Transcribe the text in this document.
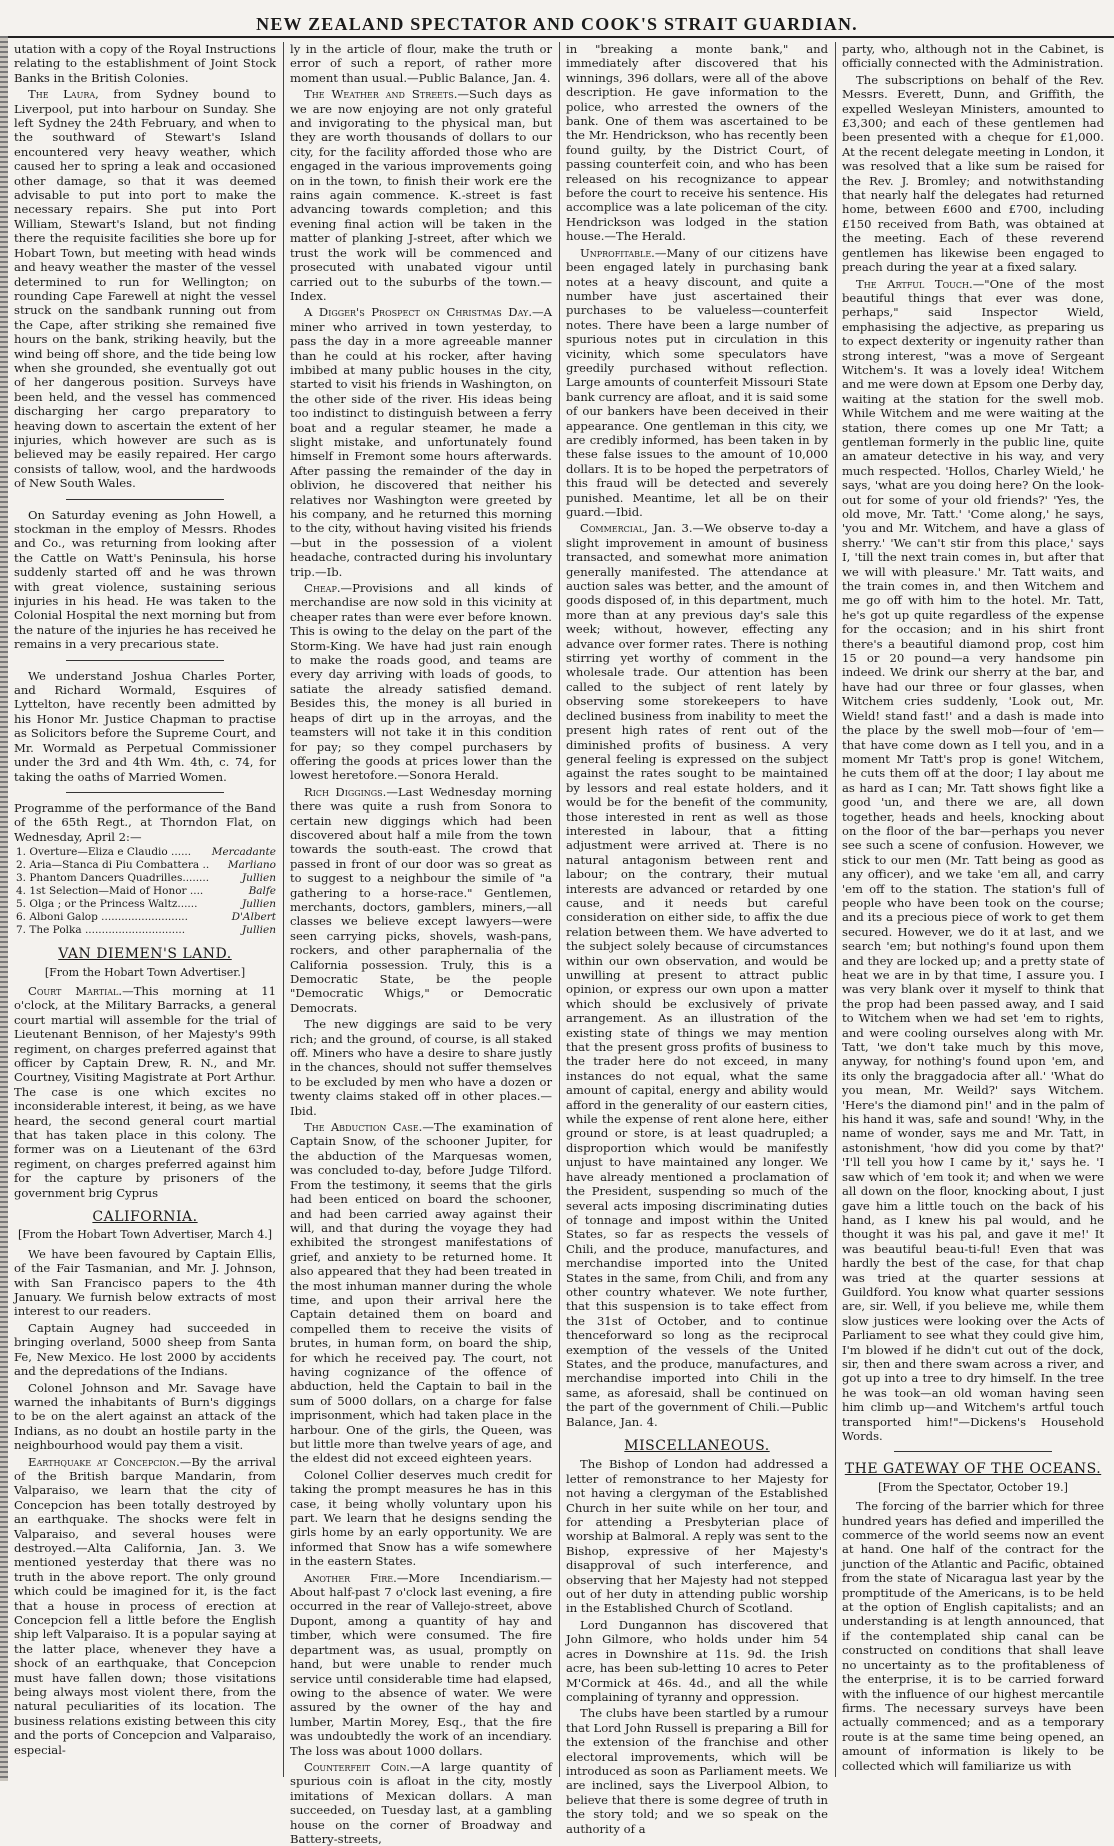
NEW ZEALAND SPECTATOR AND COOK'S STRAIT GUARDIAN.

utation with a copy of the Royal Instructions relating to the establishment of Joint Stock Banks in the British Colonies.

The Laura, from Sydney bound to Liverpool, put into harbour on Sunday. She left Sydney the 24th February, and when to the southward of Stewart's Island encountered very heavy weather, which caused her to spring a leak and occasioned other damage, so that it was deemed advisable to put into port to make the necessary repairs. She put into Port William, Stewart's Island, but not finding there the requisite facilities she bore up for Hobart Town, but meeting with head winds and heavy weather the master of the vessel determined to run for Wellington; on rounding Cape Farewell at night the vessel struck on the sandbank running out from the Cape, after striking she remained five hours on the bank, striking heavily, but the wind being off shore, and the tide being low when she grounded, she eventually got out of her dangerous position. Surveys have been held, and the vessel has commenced discharging her cargo preparatory to heaving down to ascertain the extent of her injuries, which however are such as is believed may be easily repaired. Her cargo consists of tallow, wool, and the hardwoods of New South Wales.

On Saturday evening as John Howell, a stockman in the employ of Messrs. Rhodes and Co., was returning from looking after the Cattle on Watt's Peninsula, his horse suddenly started off and he was thrown with great violence, sustaining serious injuries in his head. He was taken to the Colonial Hospital the next morning but from the nature of the injuries he has received he remains in a very precarious state.

We understand Joshua Charles Porter, and Richard Wormald, Esquires of Lyttelton, have recently been admitted by his Honor Mr. Justice Chapman to practise as Solicitors before the Supreme Court, and Mr. Wormald as Perpetual Commissioner under the 3rd and 4th Wm. 4th, c. 74, for taking the oaths of Married Women.

Programme of the performance of the Band of the 65th Regt., at Thorndon Flat, on Wednesday, April 2:—

1. Overture—Eliza e Claudio ...... Mercadante
2. Aria—Stanca di Piu Combattera .. Marliano
3. Phantom Dancers Quadrilles........	Jullien
4. 1st Selection—Maid of Honor ....	Balfe
5. Olga ; or the Princess Waltz......	Jullien
6. Alboni Galop ..........................	D'Albert
7. The Polka ..............................	Jullien
VAN DIEMEN'S LAND.
[From the Hobart Town Advertiser.]

Court Martial.—This morning at 11 o'clock, at the Military Barracks, a general court martial will assemble for the trial of Lieutenant Bennison, of her Majesty's 99th regiment, on charges preferred against that officer by Captain Drew, R. N., and Mr. Courtney, Visiting Magistrate at Port Arthur. The case is one which excites no inconsiderable interest, it being, as we have heard, the second general court martial that has taken place in this colony. The former was on a Lieutenant of the 63rd regiment, on charges preferred against him for the capture by prisoners of the government brig Cyprus

CALIFORNIA.
[From the Hobart Town Advertiser, March 4.]

We have been favoured by Captain Ellis, of the Fair Tasmanian, and Mr. J. Johnson, with San Francisco papers to the 4th January. We furnish below extracts of most interest to our readers.

Captain Augney had succeeded in bringing overland, 5000 sheep from Santa Fe, New Mexico. He lost 2000 by accidents and the depredations of the Indians.

Colonel Johnson and Mr. Savage have warned the inhabitants of Burn's diggings to be on the alert against an attack of the Indians, as no doubt an hostile party in the neighbourhood would pay them a visit.

Earthquake at Concepcion.—By the arrival of the British barque Mandarin, from Valparaiso, we learn that the city of Concepcion has been totally destroyed by an earthquake. The shocks were felt in Valparaiso, and several houses were destroyed.—Alta California, Jan. 3. We mentioned yesterday that there was no truth in the above report. The only ground which could be imagined for it, is the fact that a house in process of erection at Concepcion fell a little before the English ship left Valparaiso. It is a popular saying at the latter place, whenever they have a shock of an earthquake, that Concepcion must have fallen down; those visitations being always most violent there, from the natural peculiarities of its location. The business relations existing between this city and the ports of Concepcion and Valparaiso, especial-

ly in the article of flour, make the truth or error of such a report, of rather more moment than usual.—Public Balance, Jan. 4.

The Weather and Streets.—Such days as we are now enjoying are not only grateful and invigorating to the physical man, but they are worth thousands of dollars to our city, for the facility afforded those who are engaged in the various improvements going on in the town, to finish their work ere the rains again commence. K.-street is fast advancing towards completion; and this evening final action will be taken in the matter of planking J-street, after which we trust the work will be commenced and prosecuted with unabated vigour until carried out to the suburbs of the town.—Index.

A Digger's Prospect on Christmas Day.—A miner who arrived in town yesterday, to pass the day in a more agreeable manner than he could at his rocker, after having imbibed at many public houses in the city, started to visit his friends in Washington, on the other side of the river. His ideas being too indistinct to distinguish between a ferry boat and a regular steamer, he made a slight mistake, and unfortunately found himself in Fremont some hours afterwards. After passing the remainder of the day in oblivion, he discovered that neither his relatives nor Washington were greeted by his company, and he returned this morning to the city, without having visited his friends—but in the possession of a violent headache, contracted during his involuntary trip.—Ib.

Cheap.—Provisions and all kinds of merchandise are now sold in this vicinity at cheaper rates than were ever before known. This is owing to the delay on the part of the Storm-King. We have had just rain enough to make the roads good, and teams are every day arriving with loads of goods, to satiate the already satisfied demand. Besides this, the money is all buried in heaps of dirt up in the arroyas, and the teamsters will not take it in this condition for pay; so they compel purchasers by offering the goods at prices lower than the lowest heretofore.—Sonora Herald.

Rich Diggings.—Last Wednesday morning there was quite a rush from Sonora to certain new diggings which had been discovered about half a mile from the town towards the south-east. The crowd that passed in front of our door was so great as to suggest to a neighbour the simile of "a gathering to a horse-race." Gentlemen, merchants, doctors, gamblers, miners,—all classes we believe except lawyers—were seen carrying picks, shovels, wash-pans, rockers, and other paraphernalia of the California possession. Truly, this is a Democratic State, be the people "Democratic Whigs," or Democratic Democrats.

The new diggings are said to be very rich; and the ground, of course, is all staked off. Miners who have a desire to share justly in the chances, should not suffer themselves to be excluded by men who have a dozen or twenty claims staked off in other places.—Ibid.

The Abduction Case.—The examination of Captain Snow, of the schooner Jupiter, for the abduction of the Marquesas women, was concluded to-day, before Judge Tilford. From the testimony, it seems that the girls had been enticed on board the schooner, and had been carried away against their will, and that during the voyage they had exhibited the strongest manifestations of grief, and anxiety to be returned home. It also appeared that they had been treated in the most inhuman manner during the whole time, and upon their arrival here the Captain detained them on board and compelled them to receive the visits of brutes, in human form, on board the ship, for which he received pay. The court, not having cognizance of the offence of abduction, held the Captain to bail in the sum of 5000 dollars, on a charge for false imprisonment, which had taken place in the harbour. One of the girls, the Queen, was but little more than twelve years of age, and the eldest did not exceed eighteen years.

Colonel Collier deserves much credit for taking the prompt measures he has in this case, it being wholly voluntary upon his part. We learn that he designs sending the girls home by an early opportunity. We are informed that Snow has a wife somewhere in the eastern States.

Another Fire.—More Incendiarism.—About half-past 7 o'clock last evening, a fire occurred in the rear of Vallejo-street, above Dupont, among a quantity of hay and timber, which were consumed. The fire department was, as usual, promptly on hand, but were unable to render much service until considerable time had elapsed, owing to the absence of water. We were assured by the owner of the hay and lumber, Martin Morey, Esq., that the fire was undoubtedly the work of an incendiary. The loss was about 1000 dollars.

Counterfeit Coin.—A large quantity of spurious coin is afloat in the city, mostly imitations of Mexican dollars. A man succeeded, on Tuesday last, at a gambling house on the corner of Broadway and Battery-streets,

in "breaking a monte bank," and immediately after discovered that his winnings, 396 dollars, were all of the above description. He gave information to the police, who arrested the owners of the bank. One of them was ascertained to be the Mr. Hendrickson, who has recently been found guilty, by the District Court, of passing counterfeit coin, and who has been released on his recognizance to appear before the court to receive his sentence. His accomplice was a late policeman of the city. Hendrickson was lodged in the station house.—The Herald.

Unprofitable.—Many of our citizens have been engaged lately in purchasing bank notes at a heavy discount, and quite a number have just ascertained their purchases to be valueless—counterfeit notes. There have been a large number of spurious notes put in circulation in this vicinity, which some speculators have greedily purchased without reflection. Large amounts of counterfeit Missouri State bank currency are afloat, and it is said some of our bankers have been deceived in their appearance. One gentleman in this city, we are credibly informed, has been taken in by these false issues to the amount of 10,000 dollars. It is to be hoped the perpetrators of this fraud will be detected and severely punished. Meantime, let all be on their guard.—Ibid.

Commercial, Jan. 3.—We observe to-day a slight improvement in amount of business transacted, and somewhat more animation generally manifested. The attendance at auction sales was better, and the amount of goods disposed of, in this department, much more than at any previous day's sale this week; without, however, effecting any advance over former rates. There is nothing stirring yet worthy of comment in the wholesale trade. Our attention has been called to the subject of rent lately by observing some storekeepers to have declined business from inability to meet the present high rates of rent out of the diminished profits of business. A very general feeling is expressed on the subject against the rates sought to be maintained by lessors and real estate holders, and it would be for the benefit of the community, those interested in rent as well as those interested in labour, that a fitting adjustment were arrived at. There is no natural antagonism between rent and labour; on the contrary, their mutual interests are advanced or retarded by one cause, and it needs but careful consideration on either side, to affix the due relation between them. We have adverted to the subject solely because of circumstances within our own observation, and would be unwilling at present to attract public opinion, or express our own upon a matter which should be exclusively of private arrangement. As an illustration of the existing state of things we may mention that the present gross profits of business to the trader here do not exceed, in many instances do not equal, what the same amount of capital, energy and ability would afford in the generality of our eastern cities, while the expense of rent alone here, either ground or store, is at least quadrupled; a disproportion which would be manifestly unjust to have maintained any longer. We have already mentioned a proclamation of the President, suspending so much of the several acts imposing discriminating duties of tonnage and impost within the United States, so far as respects the vessels of Chili, and the produce, manufactures, and merchandise imported into the United States in the same, from Chili, and from any other country whatever. We note further, that this suspension is to take effect from the 31st of October, and to continue thenceforward so long as the reciprocal exemption of the vessels of the United States, and the produce, manufactures, and merchandise imported into Chili in the same, as aforesaid, shall be continued on the part of the government of Chili.—Public Balance, Jan. 4.

MISCELLANEOUS.

The Bishop of London had addressed a letter of remonstrance to her Majesty for not having a clergyman of the Established Church in her suite while on her tour, and for attending a Presbyterian place of worship at Balmoral. A reply was sent to the Bishop, expressive of her Majesty's disapproval of such interference, and observing that her Majesty had not stepped out of her duty in attending public worship in the Established Church of Scotland.

Lord Dungannon has discovered that John Gilmore, who holds under him 54 acres in Downshire at 11s. 9d. the Irish acre, has been sub-letting 10 acres to Peter M'Cormick at 46s. 4d., and all the while complaining of tyranny and oppression.

The clubs have been startled by a rumour that Lord John Russell is preparing a Bill for the extension of the franchise and other electoral improvements, which will be introduced as soon as Parliament meets. We are inclined, says the Liverpool Albion, to believe that there is some degree of truth in the story told; and we so speak on the authority of a

party, who, although not in the Cabinet, is officially connected with the Administration.

The subscriptions on behalf of the Rev. Messrs. Everett, Dunn, and Griffith, the expelled Wesleyan Ministers, amounted to £3,300; and each of these gentlemen had been presented with a cheque for £1,000. At the recent delegate meeting in London, it was resolved that a like sum be raised for the Rev. J. Bromley; and notwithstanding that nearly half the delegates had returned home, between £600 and £700, including £150 received from Bath, was obtained at the meeting. Each of these reverend gentlemen has likewise been engaged to preach during the year at a fixed salary.

The Artful Touch.—"One of the most beautiful things that ever was done, perhaps," said Inspector Wield, emphasising the adjective, as preparing us to expect dexterity or ingenuity rather than strong interest, "was a move of Sergeant Witchem's. It was a lovely idea! Witchem and me were down at Epsom one Derby day, waiting at the station for the swell mob. While Witchem and me were waiting at the station, there comes up one Mr Tatt; a gentleman formerly in the public line, quite an amateur detective in his way, and very much respected. 'Hollos, Charley Wield,' he says, 'what are you doing here? On the look-out for some of your old friends?' 'Yes, the old move, Mr. Tatt.' 'Come along,' he says, 'you and Mr. Witchem, and have a glass of sherry.' 'We can't stir from this place,' says I, 'till the next train comes in, but after that we will with pleasure.' Mr. Tatt waits, and the train comes in, and then Witchem and me go off with him to the hotel. Mr. Tatt, he's got up quite regardless of the expense for the occasion; and in his shirt front there's a beautiful diamond prop, cost him 15 or 20 pound—a very handsome pin indeed. We drink our sherry at the bar, and have had our three or four glasses, when Witchem cries suddenly, 'Look out, Mr. Wield! stand fast!' and a dash is made into the place by the swell mob—four of 'em—that have come down as I tell you, and in a moment Mr Tatt's prop is gone! Witchem, he cuts them off at the door; I lay about me as hard as I can; Mr. Tatt shows fight like a good 'un, and there we are, all down together, heads and heels, knocking about on the floor of the bar—perhaps you never see such a scene of confusion. However, we stick to our men (Mr. Tatt being as good as any officer), and we take 'em all, and carry 'em off to the station. The station's full of people who have been took on the course; and its a precious piece of work to get them secured. However, we do it at last, and we search 'em; but nothing's found upon them and they are locked up; and a pretty state of heat we are in by that time, I assure you. I was very blank over it myself to think that the prop had been passed away, and I said to Witchem when we had set 'em to rights, and were cooling ourselves along with Mr. Tatt, 'we don't take much by this move, anyway, for nothing's found upon 'em, and its only the braggadocia after all.' 'What do you mean, Mr. Weild?' says Witchem. 'Here's the diamond pin!' and in the palm of his hand it was, safe and sound! 'Why, in the name of wonder, says me and Mr. Tatt, in astonishment, 'how did you come by that?' 'I'll tell you how I came by it,' says he. 'I saw which of 'em took it; and when we were all down on the floor, knocking about, I just gave him a little touch on the back of his hand, as I knew his pal would, and he thought it was his pal, and gave it me!' It was beautiful beau-ti-ful! Even that was hardly the best of the case, for that chap was tried at the quarter sessions at Guildford. You know what quarter sessions are, sir. Well, if you believe me, while them slow justices were looking over the Acts of Parliament to see what they could give him, I'm blowed if he didn't cut out of the dock, sir, then and there swam across a river, and got up into a tree to dry himself. In the tree he was took—an old woman having seen him climb up—and Witchem's artful touch transported him!"—Dickens's Household Words.

THE GATEWAY OF THE OCEANS.
[From the Spectator, October 19.]

The forcing of the barrier which for three hundred years has defied and imperilled the commerce of the world seems now an event at hand. One half of the contract for the junction of the Atlantic and Pacific, obtained from the state of Nicaragua last year by the promptitude of the Americans, is to be held at the option of English capitalists; and an understanding is at length announced, that if the contemplated ship canal can be constructed on conditions that shall leave no uncertainty as to the profitableness of the enterprise, it is to be carried forward with the influence of our highest mercantile firms. The necessary surveys have been actually commenced; and as a temporary route is at the same time being opened, an amount of information is likely to be collected which will familiarize us with
